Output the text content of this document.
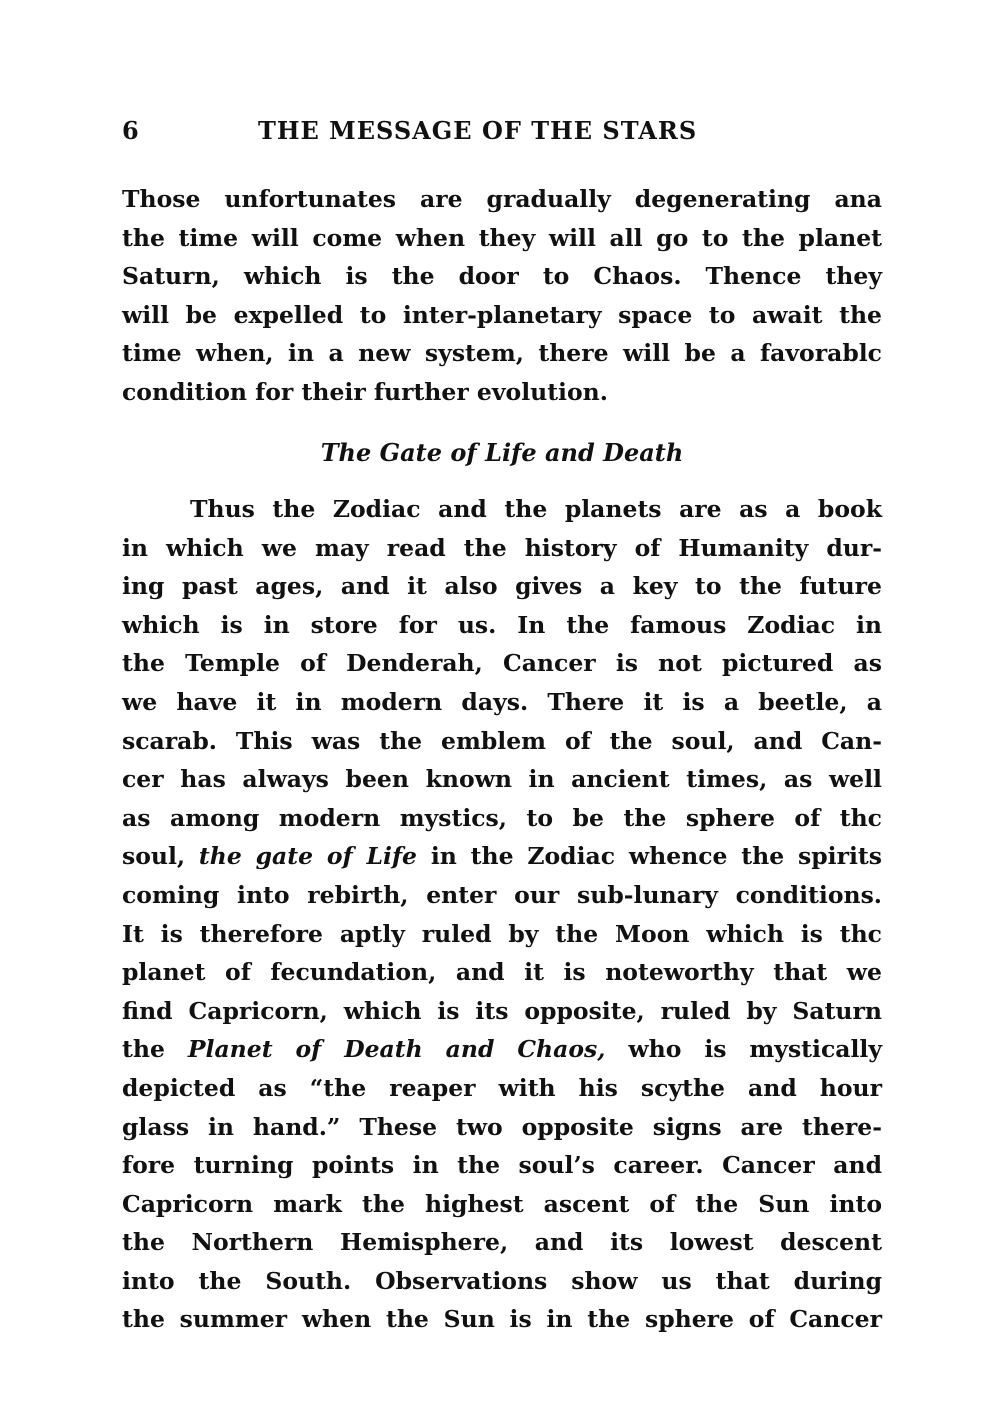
6	THE MESSAGE OF THE STARS
Those unfortunates are gradually degenerating ana
the time will come when they will all go to the planet
Saturn, which is the door to Chaos. Thence they
will be expelled to inter-planetary space to await the
time when, in a new system, there will be a favorablc
condition for their further evolution.
The Gate of Life and Death
Thus the Zodiac and the planets are as a book
in which we may read the history of Humanity dur-
ing past ages, and it also gives a key to the future
which is in store for us. In the famous Zodiac in
the Temple of Denderah, Cancer is not pictured as
we have it in modern days. There it is a beetle, a
scarab. This was the emblem of the soul, and Can-
cer has always been known in ancient times, as well
as among modern mystics, to be the sphere of thc
soul, the gate of Life in the Zodiac whence the spirits
coming into rebirth, enter our sub-lunary conditions.
It is therefore aptly ruled by the Moon which is thc
planet of fecundation, and it is noteworthy that we
find Capricorn, which is its opposite, ruled by Saturn
the Planet of Death and Chaos, who is mystically
depicted as “the reaper with his scythe and hour
glass in hand.” These two opposite signs are there-
fore turning points in the soul’s career. Cancer and
Capricorn mark the highest ascent of the Sun into
the Northern Hemisphere, and its lowest descent
into the South. Observations show us that during
the summer when the Sun is in the sphere of Cancer
